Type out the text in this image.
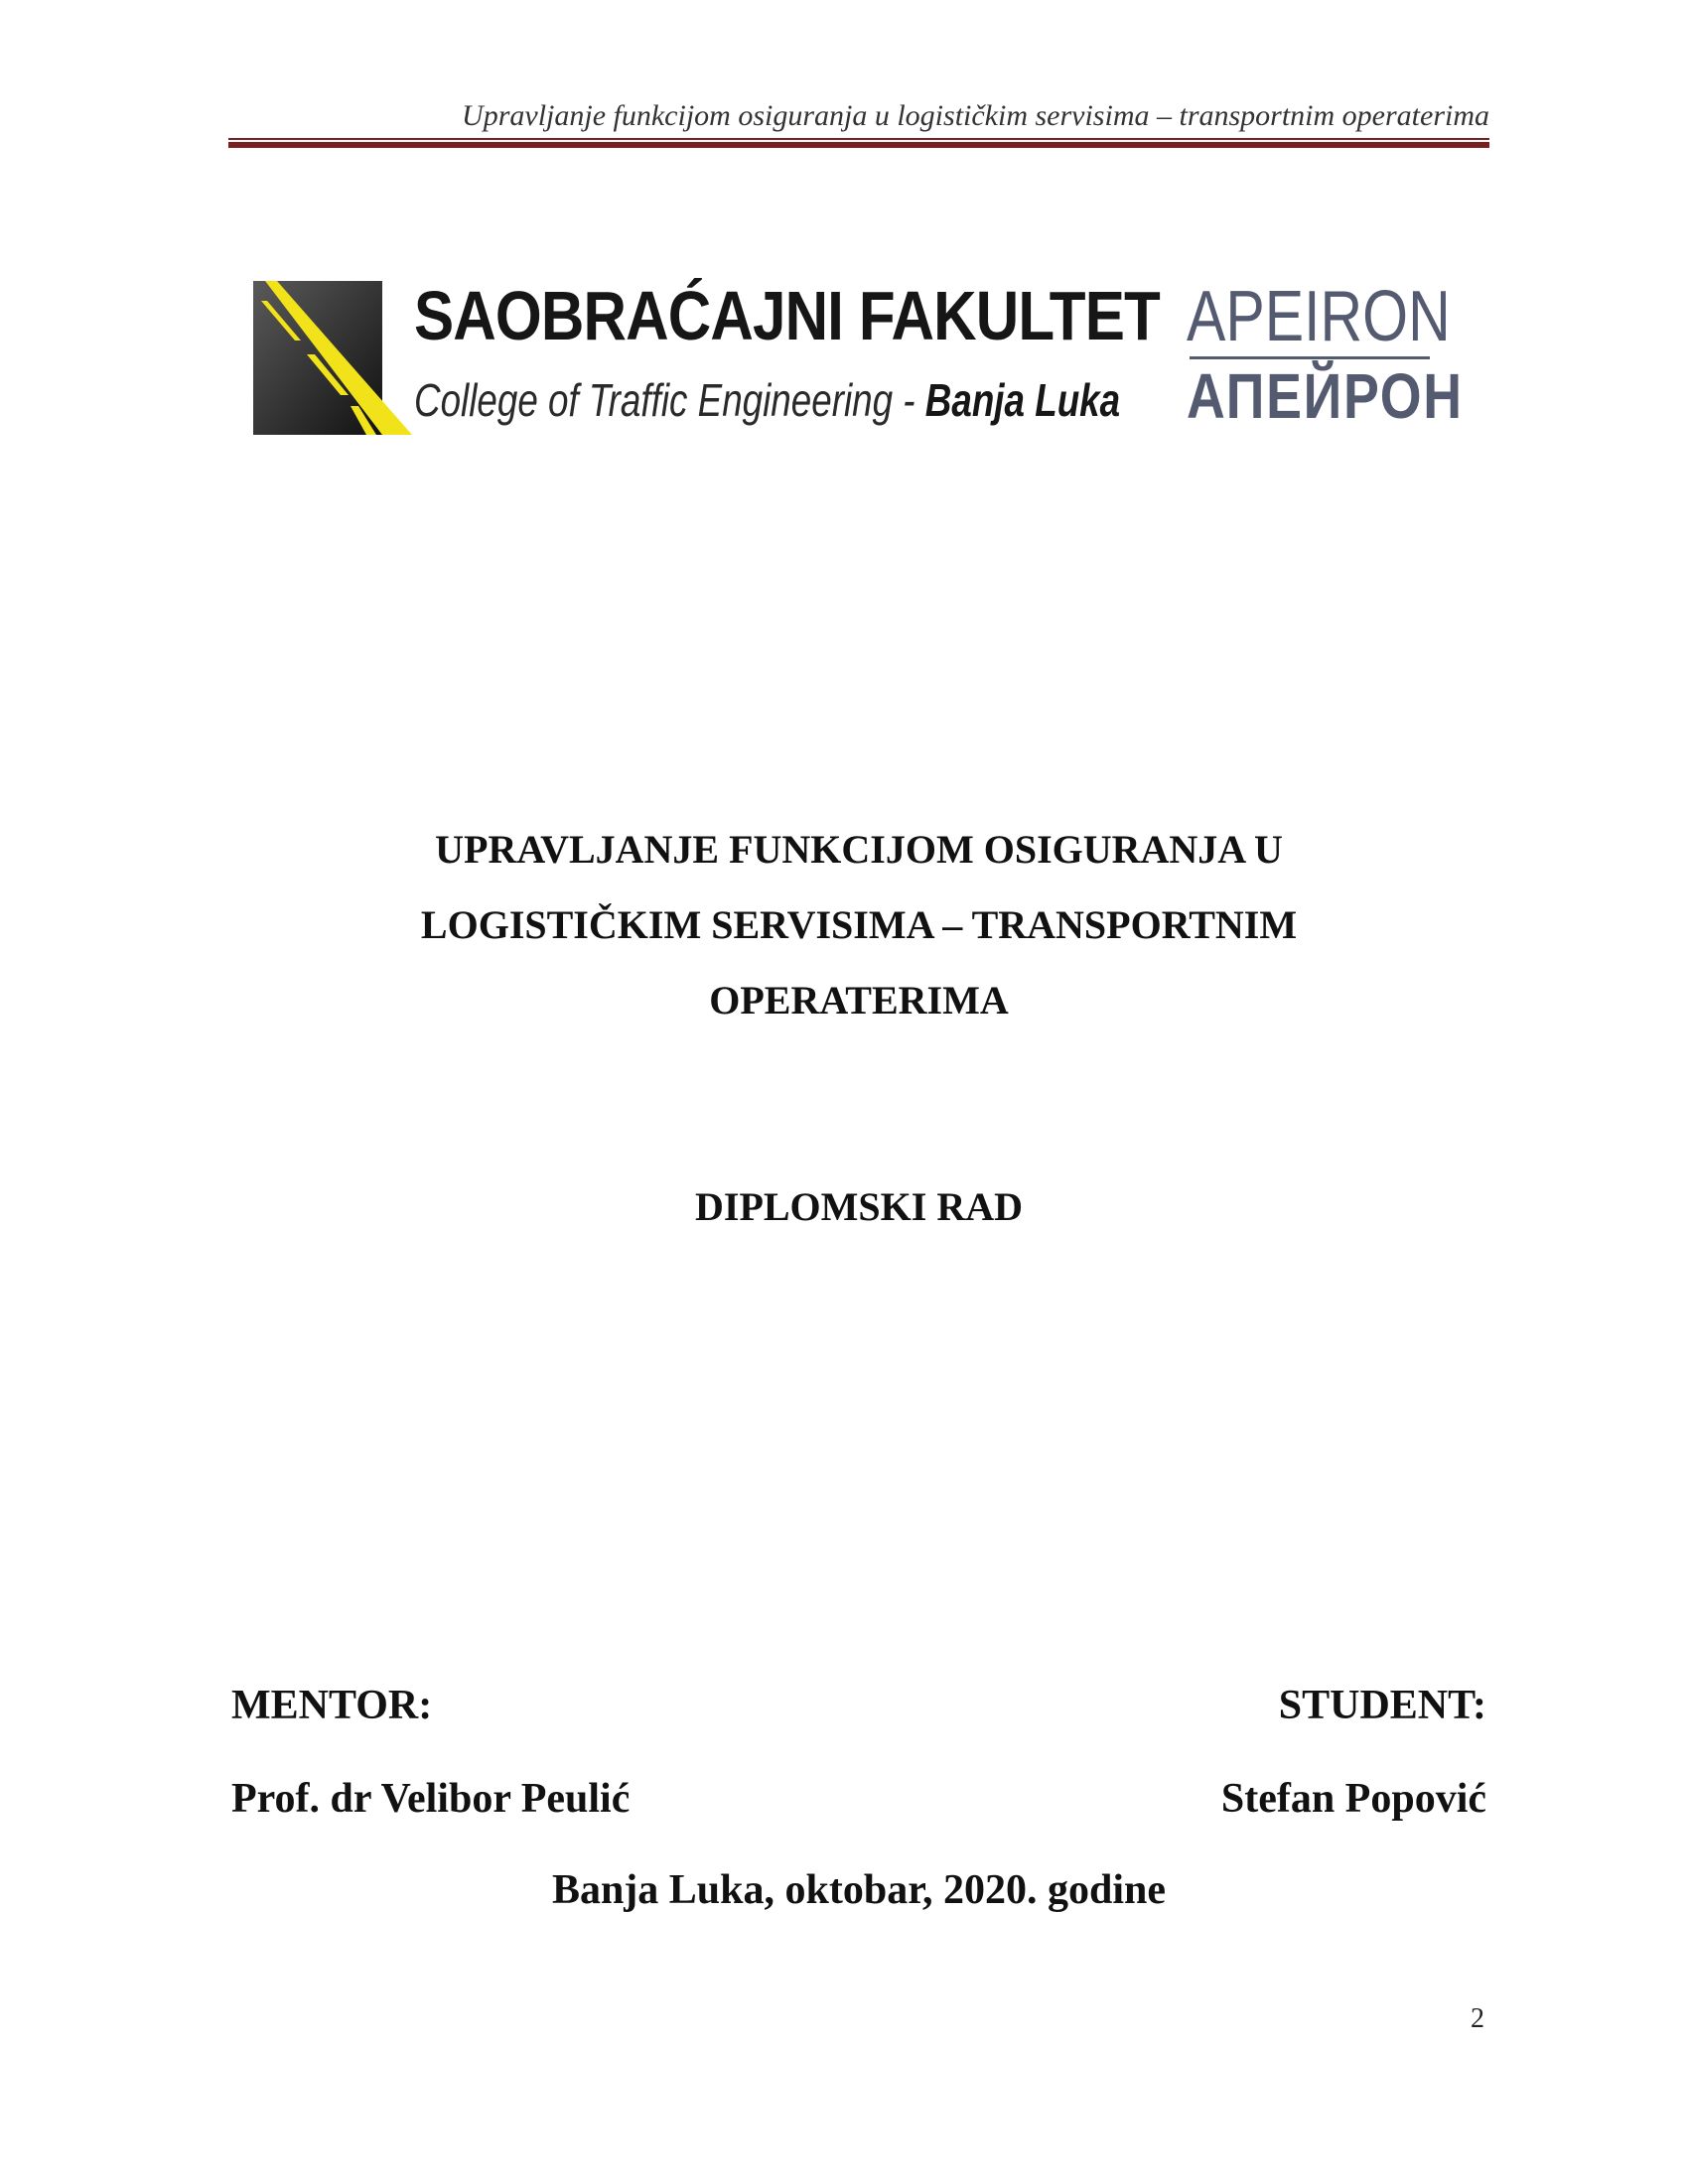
Upravljanje funkcijom osiguranja u logističkim servisima – transportnim operaterima
SAOBRAĆAJNI FAKULTET
College of Traffic Engineering - Banja Luka
APEIRON
АПЕЙРОН
UPRAVLJANJE FUNKCIJOM OSIGURANJA U
LOGISTIČKIM SERVISIMA – TRANSPORTNIM
OPERATERIMA
DIPLOMSKI RAD
MENTOR:	STUDENT:
Prof. dr Velibor Peulić	Stefan Popović
Banja Luka, oktobar, 2020. godine
2
